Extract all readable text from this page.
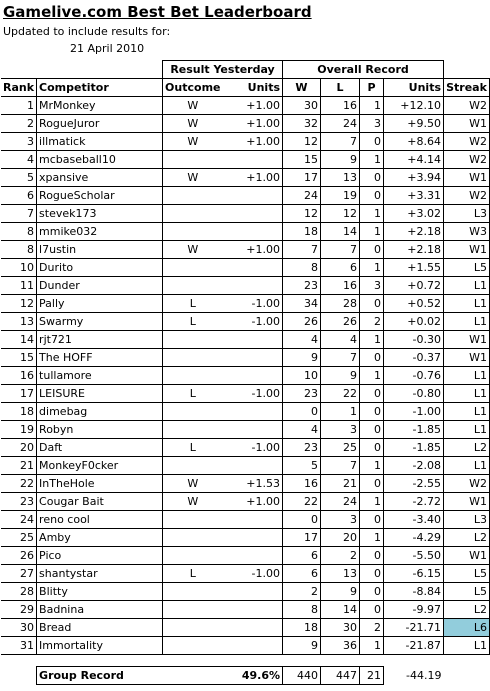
Gamelive.com Best Bet Leaderboard
Updated to include results for:
21 April 2010
		Result Yesterday		Overall Record				
Rank	Competitor	Outcome	Units	W	L	P	Units	Streak
1	MrMonkey	W	+1.00	30	16	1	+12.10	W2
2	RogueJuror	W	+1.00	32	24	3	+9.50	W1
3	illmatick	W	+1.00	12	7	0	+8.64	W2
4	mcbaseball10			15	9	1	+4.14	W2
5	xpansive	W	+1.00	17	13	0	+3.94	W1
6	RogueScholar			24	19	0	+3.31	W2
7	stevek173			12	12	1	+3.02	L3
8	mmike032			18	14	1	+2.18	W3
8	l7ustin	W	+1.00	7	7	0	+2.18	W1
10	Durito			8	6	1	+1.55	L5
11	Dunder			23	16	3	+0.72	L1
12	Pally	L	-1.00	34	28	0	+0.52	L1
13	Swarmy	L	-1.00	26	26	2	+0.02	L1
14	rjt721			4	4	1	-0.30	W1
15	The HOFF			9	7	0	-0.37	W1
16	tullamore			10	9	1	-0.76	L1
17	LEISURE	L	-1.00	23	22	0	-0.80	L1
18	dimebag			0	1	0	-1.00	L1
19	Robyn			4	3	0	-1.85	L1
20	Daft	L	-1.00	23	25	0	-1.85	L2
21	MonkeyF0cker			5	7	1	-2.08	L1
22	InTheHole	W	+1.53	16	21	0	-2.55	W2
23	Cougar Bait	W	+1.00	22	24	1	-2.72	W1
24	reno cool			0	3	0	-3.40	L3
25	Amby			17	20	1	-4.29	L2
26	Pico			6	2	0	-5.50	W1
27	shantystar	L	-1.00	6	13	0	-6.15	L5
28	Blitty			2	9	0	-8.84	L5
29	Badnina			8	14	0	-9.97	L2
30	Bread			18	30	2	-21.71	L6
31	Immortality			9	36	1	-21.87	L1

	Group Record		49.6%	440	447	21	-44.19	
